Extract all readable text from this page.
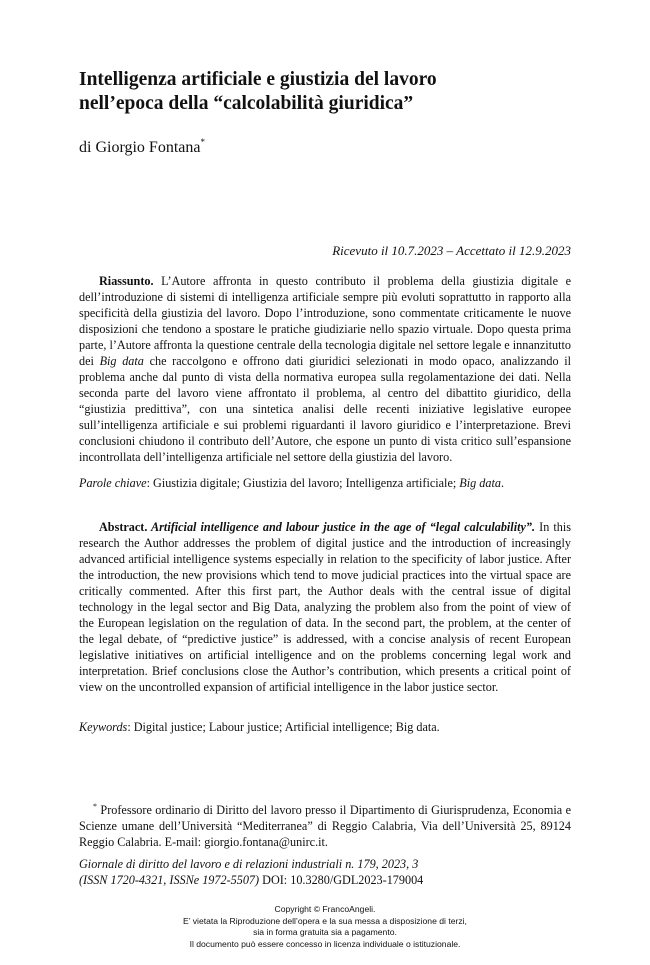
Intelligenza artificiale e giustizia del lavoro
nell’epoca della “calcolabilità giuridica”
di Giorgio Fontana*
Ricevuto il 10.7.2023 – Accettato il 12.9.2023

Riassunto. L’Autore affronta in questo contributo il problema della giustizia digitale e dell’introduzione di sistemi di intelligenza artificiale sempre più evoluti soprattutto in rapporto alla specificità della giustizia del lavoro. Dopo l’introduzione, sono commentate criticamente le nuove disposizioni che tendono a spostare le pratiche giudiziarie nello spazio virtuale. Dopo questa prima parte, l’Autore affronta la questione centrale della tecnologia digitale nel settore legale e innanzitutto dei Big data che raccolgono e offrono dati giuridici selezionati in modo opaco, analizzando il problema anche dal punto di vista della normativa europea sulla regolamentazione dei dati. Nella seconda parte del lavoro viene affrontato il problema, al centro del dibattito giuridico, della “giustizia predittiva”, con una sintetica analisi delle recenti iniziative legislative europee sull’intelligenza artificiale e sui problemi riguardanti il lavoro giuridico e l’interpretazione. Brevi conclusioni chiudono il contributo dell’Autore, che espone un punto di vista critico sull’espansione incontrollata dell’intelligenza artificiale nel settore della giustizia del lavoro.

Parole chiave: Giustizia digitale; Giustizia del lavoro; Intelligenza artificiale; Big data.

Abstract. Artificial intelligence and labour justice in the age of “legal calculability”. In this research the Author addresses the problem of digital justice and the introduction of increasingly advanced artificial intelligence systems especially in relation to the specificity of labor justice. After the introduction, the new provisions which tend to move judicial practices into the virtual space are critically commented. After this first part, the Author deals with the central issue of digital technology in the legal sector and Big Data, analyzing the problem also from the point of view of the European legislation on the regulation of data. In the second part, the problem, at the center of the legal debate, of “predictive justice” is addressed, with a concise analysis of recent European legislative initiatives on artificial intelligence and on the problems concerning legal work and interpretation. Brief conclusions close the Author’s contribution, which presents a critical point of view on the uncontrolled expansion of artificial intelligence in the labor justice sector.

Keywords: Digital justice; Labour justice; Artificial intelligence; Big data.

* Professore ordinario di Diritto del lavoro presso il Dipartimento di Giurisprudenza, Economia e Scienze umane dell’Università “Mediterranea” di Reggio Calabria, Via dell’Università 25, 89124 Reggio Calabria. E-mail: giorgio.fontana@unirc.it.

Giornale di diritto del lavoro e di relazioni industriali n. 179, 2023, 3
(ISSN 1720-4321, ISSNe 1972-5507) DOI: 10.3280/GDL2023-179004
Copyright © FrancoAngeli.
E’ vietata la Riproduzione dell’opera e la sua messa a disposizione di terzi,
sia in forma gratuita sia a pagamento.
Il documento può essere concesso in licenza individuale o istituzionale.
